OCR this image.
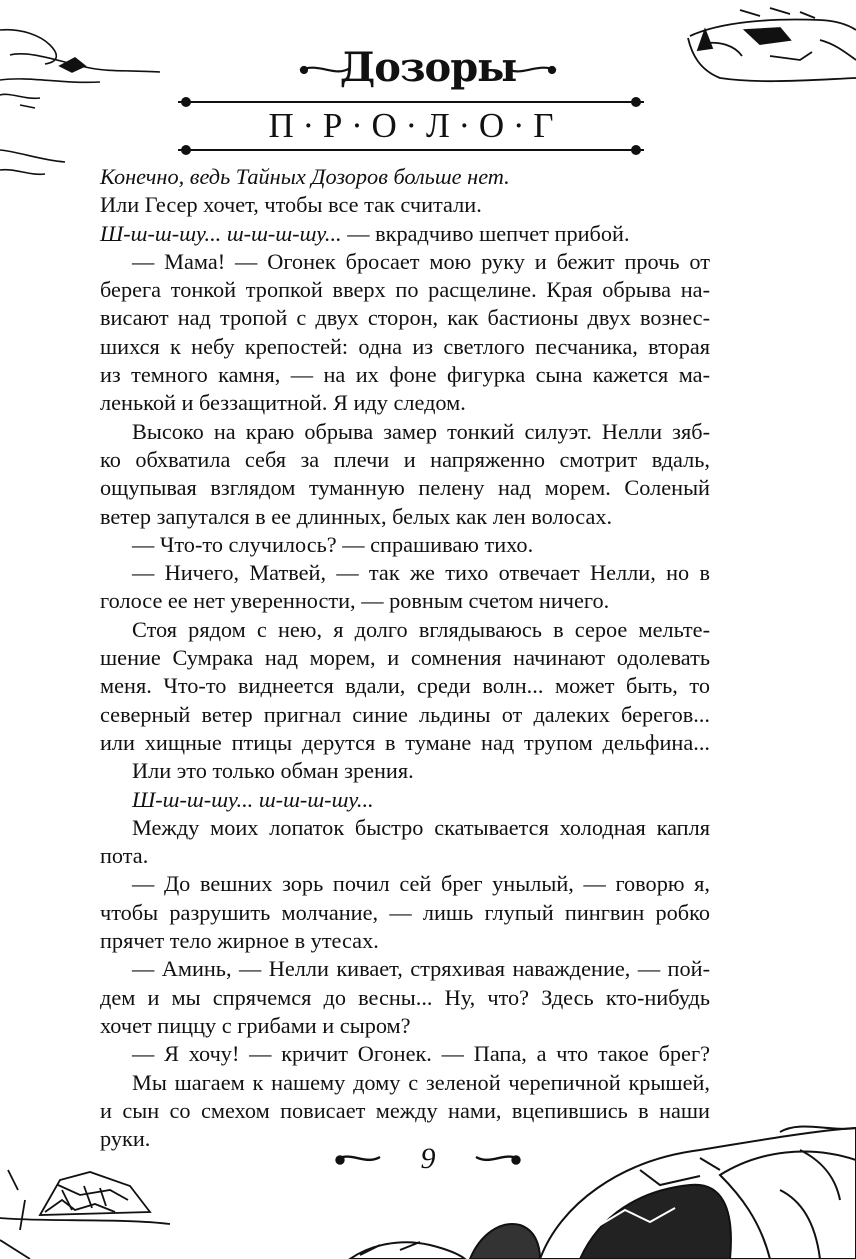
Дозоры
П · Р · О · Л · О · Г
Конечно, ведь Тайных Дозоров больше нет.
Или Гесер хочет, чтобы все так считали.
Ш-ш-ш-шу... ш-ш-ш-шу... — вкрадчиво шепчет прибой.
— Мама! — Огонек бросает мою руку и бежит прочь от
берега тонкой тропкой вверх по расщелине. Края обрыва на-
висают над тропой с двух сторон, как бастионы двух вознес-
шихся к небу крепостей: одна из светлого песчаника, вторая
из темного камня, — на их фоне фигурка сына кажется ма-
ленькой и беззащитной. Я иду следом.
Высоко на краю обрыва замер тонкий силуэт. Нелли зяб-
ко обхватила себя за плечи и напряженно смотрит вдаль,
ощупывая взглядом туманную пелену над морем. Соленый
ветер запутался в ее длинных, белых как лен волосах.
— Что-то случилось? — спрашиваю тихо.
— Ничего, Матвей, — так же тихо отвечает Нелли, но в
голосе ее нет уверенности, — ровным счетом ничего.
Стоя рядом с нею, я долго вглядываюсь в серое мельте-
шение Сумрака над морем, и сомнения начинают одолевать
меня. Что-то виднеется вдали, среди волн... может быть, то
северный ветер пригнал синие льдины от далеких берегов...
или хищные птицы дерутся в тумане над трупом дельфина...
Или это только обман зрения.
Ш-ш-ш-шу... ш-ш-ш-шу...
Между моих лопаток быстро скатывается холодная капля
пота.
— До вешних зорь почил сей брег унылый, — говорю я,
чтобы разрушить молчание, — лишь глупый пингвин робко
прячет тело жирное в утесах.
— Аминь, — Нелли кивает, стряхивая наваждение, — пой-
дем и мы спрячемся до весны... Ну, что? Здесь кто-нибудь
хочет пиццу с грибами и сыром?
— Я хочу! — кричит Огонек. — Папа, а что такое брег?
Мы шагаем к нашему дому с зеленой черепичной крышей,
и сын со смехом повисает между нами, вцепившись в наши
руки.
9
